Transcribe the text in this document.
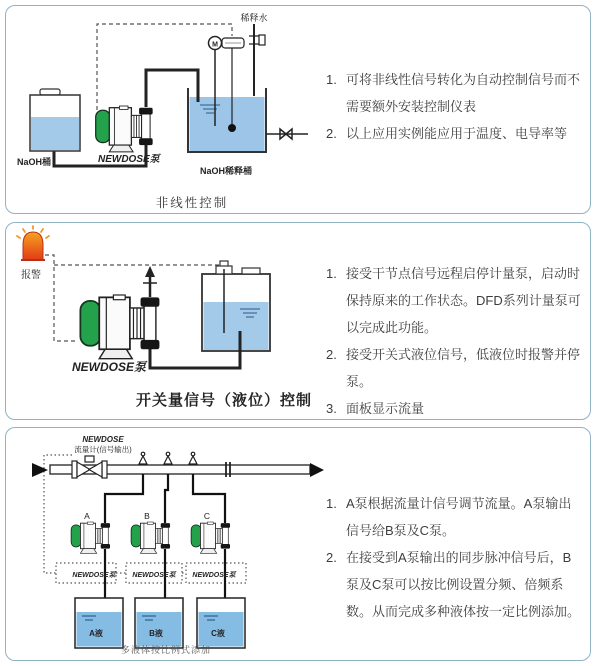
稀释水
M
NaOH桶	NEWDOSE泵
NaOH稀释桶
非线性控制
1. 可将非线性信号转化为自动控制信号而不需要额外安装控制仪表
2. 以上应用实例能应用于温度、电导率等
报警
NEWDOSE泵
开关量信号（液位）控制
1. 接受干节点信号远程启停计量泵，启动时保持原来的工作状态。DFD系列计量泵可以完成此功能。
2. 接受开关式液位信号，低液位时报警并停泵。
3. 面板显示流量
NEWDOSE
流量计(信号输出)
A	B	C
NEWDOSE泵 NEWDOSE泵 NEWDOSE泵
A液	B液	C液
多液体按比例式添加
1. A泵根据流量计信号调节流量。A泵输出信号给B泵及C泵。
2. 在接受到A泵输出的同步脉冲信号后，B泵及C泵可以按比例设置分频、倍频系数。从而完成多种液体按一定比例添加。
